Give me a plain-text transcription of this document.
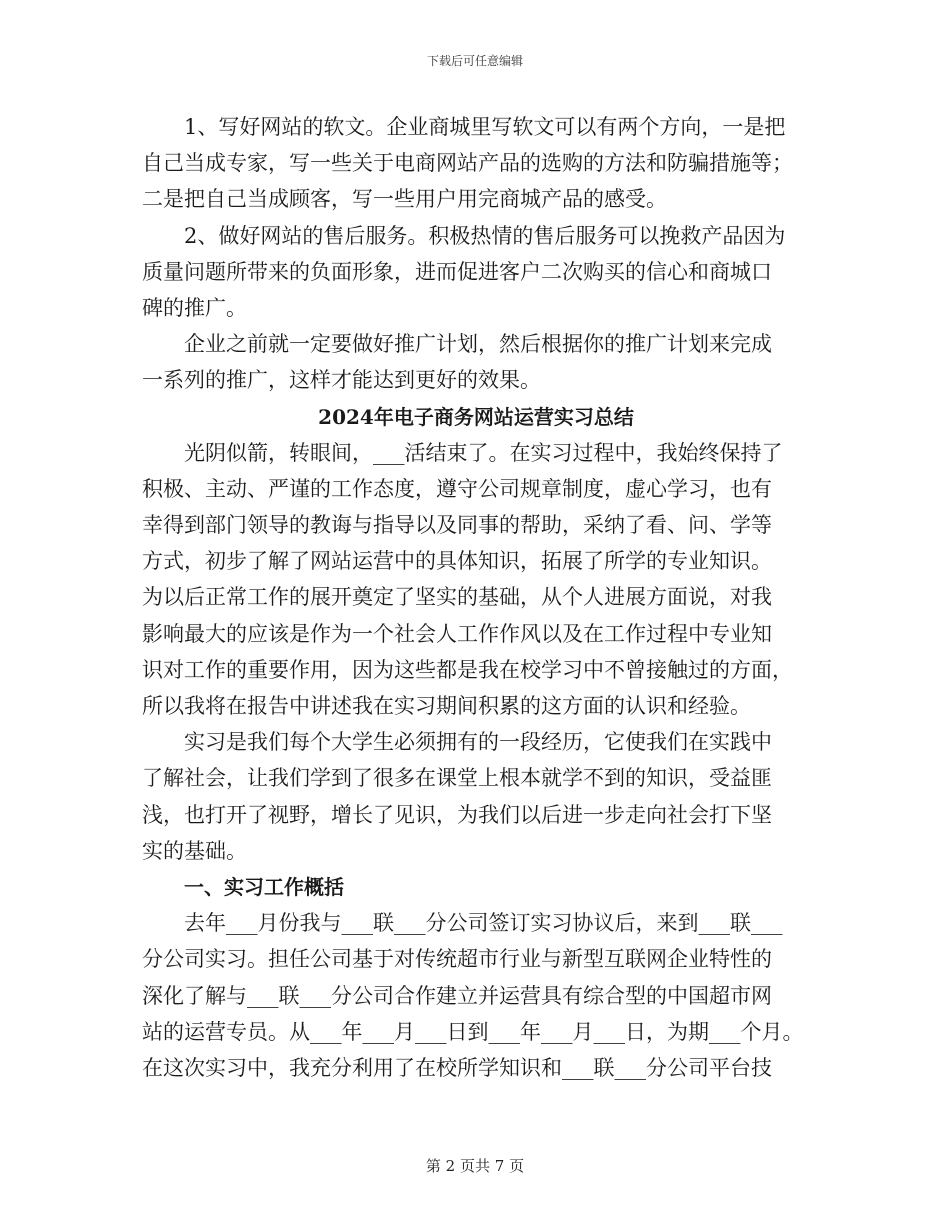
下载后可任意编辑
1、写好网站的软文。企业商城里写软文可以有两个方向，一是把
自己当成专家，写一些关于电商网站产品的选购的方法和防骗措施等；
二是把自己当成顾客，写一些用户用完商城产品的感受。
2、做好网站的售后服务。积极热情的售后服务可以挽救产品因为
质量问题所带来的负面形象，进而促进客户二次购买的信心和商城口
碑的推广。
企业之前就一定要做好推广计划，然后根据你的推广计划来完成
一系列的推广，这样才能达到更好的效果。
2024年电子商务网站运营实习总结
光阴似箭，转眼间，___活结束了。在实习过程中，我始终保持了
积极、主动、严谨的工作态度，遵守公司规章制度，虚心学习，也有
幸得到部门领导的教诲与指导以及同事的帮助，采纳了看、问、学等
方式，初步了解了网站运营中的具体知识，拓展了所学的专业知识。
为以后正常工作的展开奠定了坚实的基础，从个人进展方面说，对我
影响最大的应该是作为一个社会人工作作风以及在工作过程中专业知
识对工作的重要作用，因为这些都是我在校学习中不曾接触过的方面，
所以我将在报告中讲述我在实习期间积累的这方面的认识和经验。
实习是我们每个大学生必须拥有的一段经历，它使我们在实践中
了解社会，让我们学到了很多在课堂上根本就学不到的知识，受益匪
浅，也打开了视野，增长了见识，为我们以后进一步走向社会打下坚
实的基础。
一、实习工作概括
去年___月份我与___联___分公司签订实习协议后，来到___联___
分公司实习。担任公司基于对传统超市行业与新型互联网企业特性的
深化了解与___联___分公司合作建立并运营具有综合型的中国超市网
站的运营专员。从___年___月___日到___年___月___日，为期___个月。
在这次实习中，我充分利用了在校所学知识和___联___分公司平台技
第 2 页共 7 页
